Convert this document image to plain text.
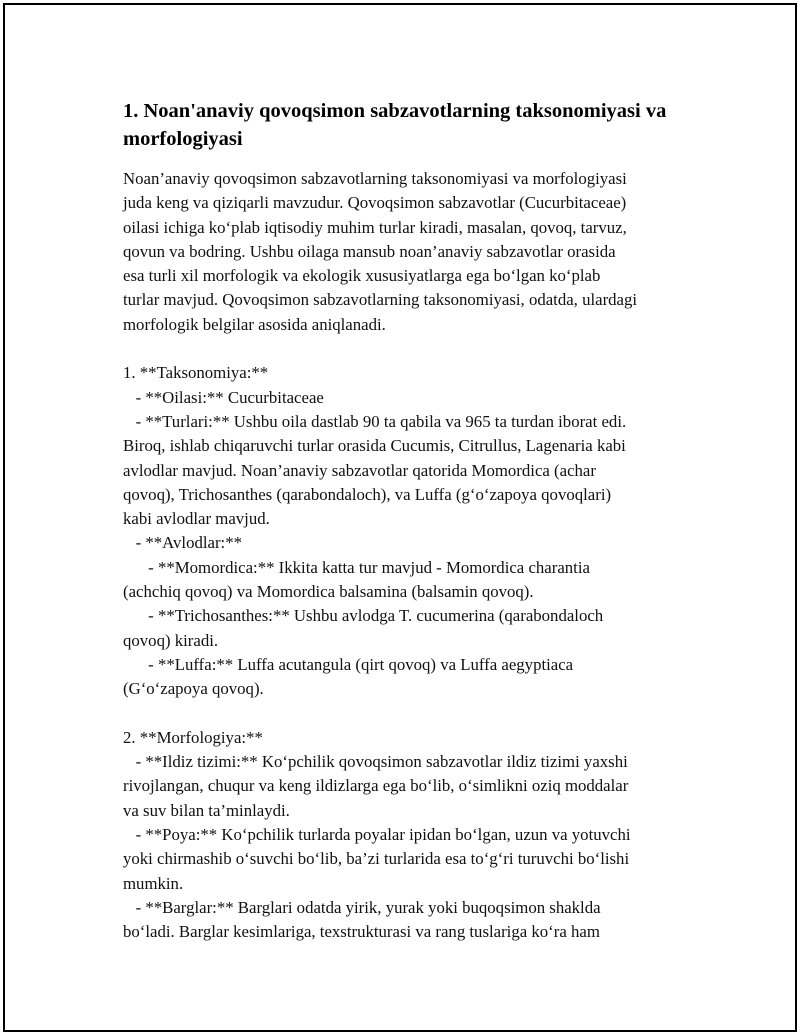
1. Noan'anaviy qovoqsimon sabzavotlarning taksonomiyasi va
morfologiyasi
Noan’anaviy qovoqsimon sabzavotlarning taksonomiyasi va morfologiyasi
juda keng va qiziqarli mavzudur. Qovoqsimon sabzavotlar (Cucurbitaceae)
oilasi ichiga ko‘plab iqtisodiy muhim turlar kiradi, masalan, qovoq, tarvuz,
qovun va bodring. Ushbu oilaga mansub noan’anaviy sabzavotlar orasida
esa turli xil morfologik va ekologik xususiyatlarga ega bo‘lgan ko‘plab
turlar mavjud. Qovoqsimon sabzavotlarning taksonomiyasi, odatda, ulardagi
morfologik belgilar asosida aniqlanadi.
1. **Taksonomiya:**
- **Oilasi:** Cucurbitaceae
- **Turlari:** Ushbu oila dastlab 90 ta qabila va 965 ta turdan iborat edi.
Biroq, ishlab chiqaruvchi turlar orasida Cucumis, Citrullus, Lagenaria kabi
avlodlar mavjud. Noan’anaviy sabzavotlar qatorida Momordica (achar
qovoq), Trichosanthes (qarabondaloch), va Luffa (g‘o‘zapoya qovoqlari)
kabi avlodlar mavjud.
- **Avlodlar:**
- **Momordica:** Ikkita katta tur mavjud - Momordica charantia
(achchiq qovoq) va Momordica balsamina (balsamin qovoq).
- **Trichosanthes:** Ushbu avlodga T. cucumerina (qarabondaloch
qovoq) kiradi.
- **Luffa:** Luffa acutangula (qirt qovoq) va Luffa aegyptiaca
(G‘o‘zapoya qovoq).
2. **Morfologiya:**
- **Ildiz tizimi:** Ko‘pchilik qovoqsimon sabzavotlar ildiz tizimi yaxshi
rivojlangan, chuqur va keng ildizlarga ega bo‘lib, o‘simlikni oziq moddalar
va suv bilan ta’minlaydi.
- **Poya:** Ko‘pchilik turlarda poyalar ipidan bo‘lgan, uzun va yotuvchi
yoki chirmashib o‘suvchi bo‘lib, ba’zi turlarida esa to‘g‘ri turuvchi bo‘lishi
mumkin.
- **Barglar:** Barglari odatda yirik, yurak yoki buqoqsimon shaklda
bo‘ladi. Barglar kesimlariga, texstrukturasi va rang tuslariga ko‘ra ham
